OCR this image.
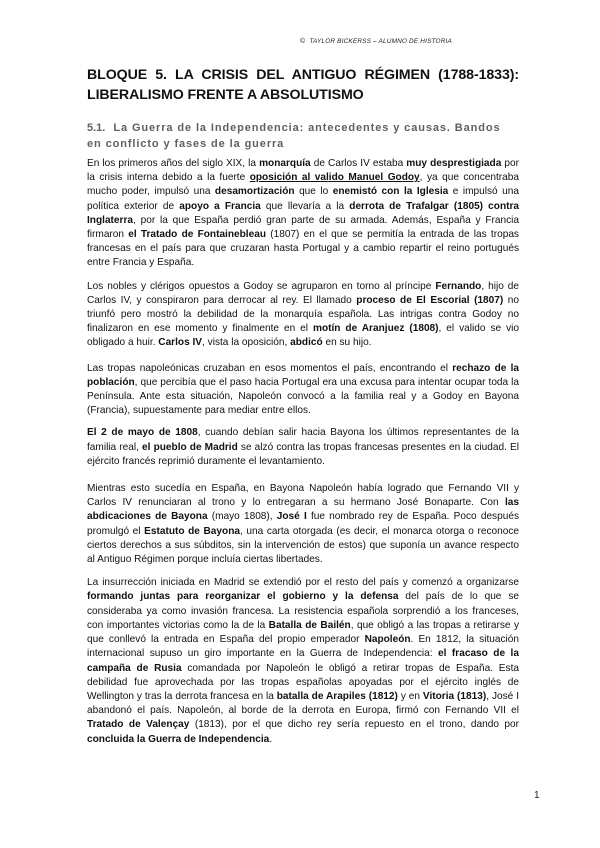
© TAYLOR BICKERSS – ALUMNO DE HISTORIA
BLOQUE 5. LA CRISIS DEL ANTIGUO RÉGIMEN (1788-1833): LIBERALISMO FRENTE A ABSOLUTISMO
5.1. La Guerra de la Independencia: antecedentes y causas. Bandos en conflicto y fases de la guerra

En los primeros años del siglo XIX, la monarquía de Carlos IV estaba muy desprestigiada por la crisis interna debido a la fuerte oposición al valido Manuel Godoy, ya que concentraba mucho poder, impulsó una desamortización que lo enemistó con la Iglesia e impulsó una política exterior de apoyo a Francia que llevaría a la derrota de Trafalgar (1805) contra Inglaterra, por la que España perdió gran parte de su armada. Además, España y Francia firmaron el Tratado de Fontainebleau (1807) en el que se permitía la entrada de las tropas francesas en el país para que cruzaran hasta Portugal y a cambio repartir el reino portugués entre Francia y España.

Los nobles y clérigos opuestos a Godoy se agruparon en torno al príncipe Fernando, hijo de Carlos IV, y conspiraron para derrocar al rey. El llamado proceso de El Escorial (1807) no triunfó pero mostró la debilidad de la monarquía española. Las intrigas contra Godoy no finalizaron en ese momento y finalmente en el motín de Aranjuez (1808), el valido se vio obligado a huir. Carlos IV, vista la oposición, abdicó en su hijo.

Las tropas napoleónicas cruzaban en esos momentos el país, encontrando el rechazo de la población, que percibía que el paso hacia Portugal era una excusa para intentar ocupar toda la Península. Ante esta situación, Napoleón convocó a la familia real y a Godoy en Bayona (Francia), supuestamente para mediar entre ellos.

El 2 de mayo de 1808, cuando debían salir hacia Bayona los últimos representantes de la familia real, el pueblo de Madrid se alzó contra las tropas francesas presentes en la ciudad. El ejército francés reprimió duramente el levantamiento.

Mientras esto sucedía en España, en Bayona Napoleón había logrado que Fernando VII y Carlos IV renunciaran al trono y lo entregaran a su hermano José Bonaparte. Con las abdicaciones de Bayona (mayo 1808), José I fue nombrado rey de España. Poco después promulgó el Estatuto de Bayona, una carta otorgada (es decir, el monarca otorga o reconoce ciertos derechos a sus súbditos, sin la intervención de estos) que suponía un avance respecto al Antiguo Régimen porque incluía ciertas libertades.

La insurrección iniciada en Madrid se extendió por el resto del país y comenzó a organizarse formando juntas para reorganizar el gobierno y la defensa del país de lo que se consideraba ya como invasión francesa. La resistencia española sorprendió a los franceses, con importantes victorias como la de la Batalla de Bailén, que obligó a las tropas a retirarse y que conllevó la entrada en España del propio emperador Napoleón. En 1812, la situación internacional supuso un giro importante en la Guerra de Independencia: el fracaso de la campaña de Rusia comandada por Napoleón le obligó a retirar tropas de España. Esta debilidad fue aprovechada por las tropas españolas apoyadas por el ejército inglés de Wellington y tras la derrota francesa en la batalla de Arapiles (1812) y en Vitoria (1813), José I abandonó el país. Napoleón, al borde de la derrota en Europa, firmó con Fernando VII el Tratado de Valençay (1813), por el que dicho rey sería repuesto en el trono, dando por concluida la Guerra de Independencia.

1
